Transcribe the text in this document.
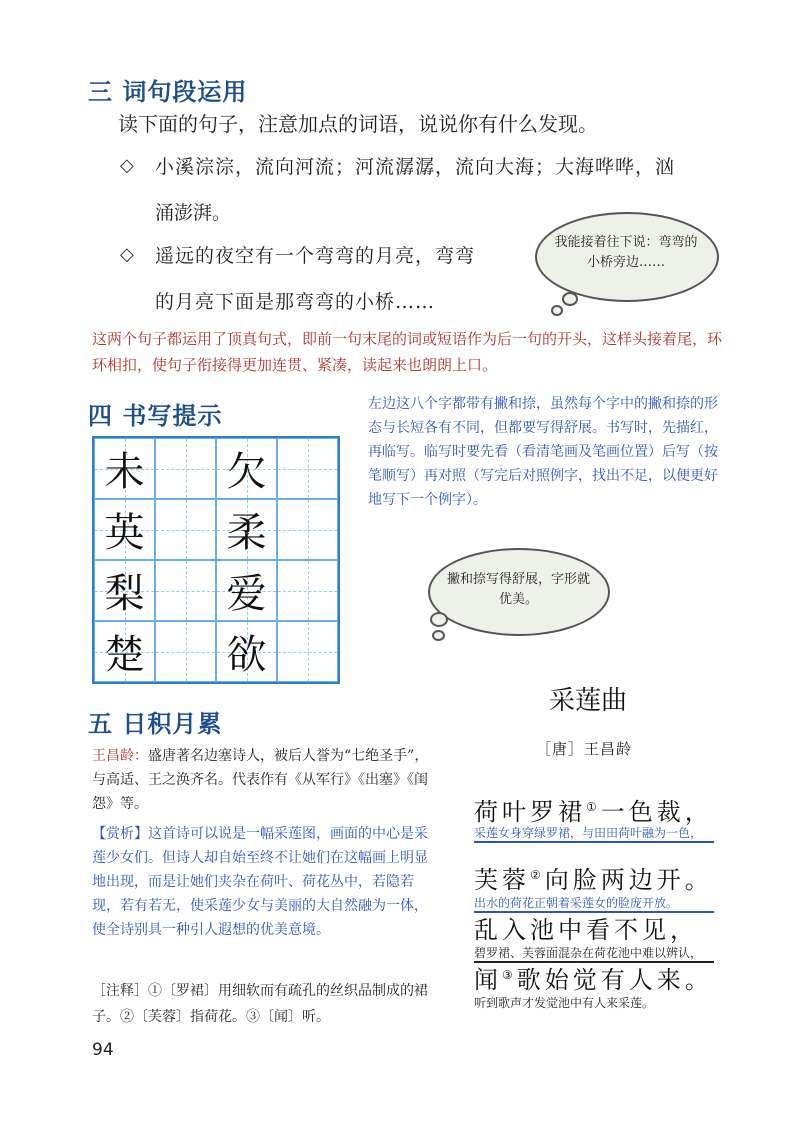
三 词句段运用
读下面的句子，注意加点的词语，说说你有什么发现。
◇ 小溪淙淙，流向河流；河流潺潺，流向大海；大海哗哗，汹
涌澎湃。
◇ 遥远的夜空有一个弯弯的月亮，弯弯
的月亮下面是那弯弯的小桥……
我能接着往下说：弯弯的小桥旁边……
这两个句子都运用了顶真句式，即前一句末尾的词或短语作为后一句的开头，这样头接着尾，环环相扣，使句子衔接得更加连贯、紧凑，读起来也朗朗上口。
四 书写提示
未 欠
英 柔
梨 爱
楚 欲
左边这八个字都带有撇和捺，虽然每个字中的撇和捺的形态与长短各有不同，但都要写得舒展。书写时，先描红，再临写。临写时要先看（看清笔画及笔画位置）后写（按笔顺写）再对照（写完后对照例字，找出不足，以便更好地写下一个例字）。
撇和捺写得舒展，字形就优美。
五 日积月累
王昌龄：盛唐著名边塞诗人，被后人誉为“七绝圣手”，与高适、王之涣齐名。代表作有《从军行》《出塞》《闺怨》等。
【赏析】这首诗可以说是一幅采莲图，画面的中心是采莲少女们。但诗人却自始至终不让她们在这幅画上明显地出现，而是让她们夹杂在荷叶、荷花丛中，若隐若现，若有若无，使采莲少女与美丽的大自然融为一体，使全诗别具一种引人遐想的优美意境。
［注释］①〔罗裙〕用细软而有疏孔的丝织品制成的裙子。②〔芙蓉〕指荷花。③〔闻〕听。
采莲曲
［唐］王昌龄
荷叶罗裙①一色裁，
采莲女身穿绿罗裙，与田田荷叶融为一色，
芙蓉②向脸两边开。
出水的荷花正朝着采莲女的脸庞开放。
乱入池中看不见，
碧罗裙、芙蓉面混杂在荷花池中难以辨认，
闻③歌始觉有人来。
听到歌声才发觉池中有人来采莲。
94
